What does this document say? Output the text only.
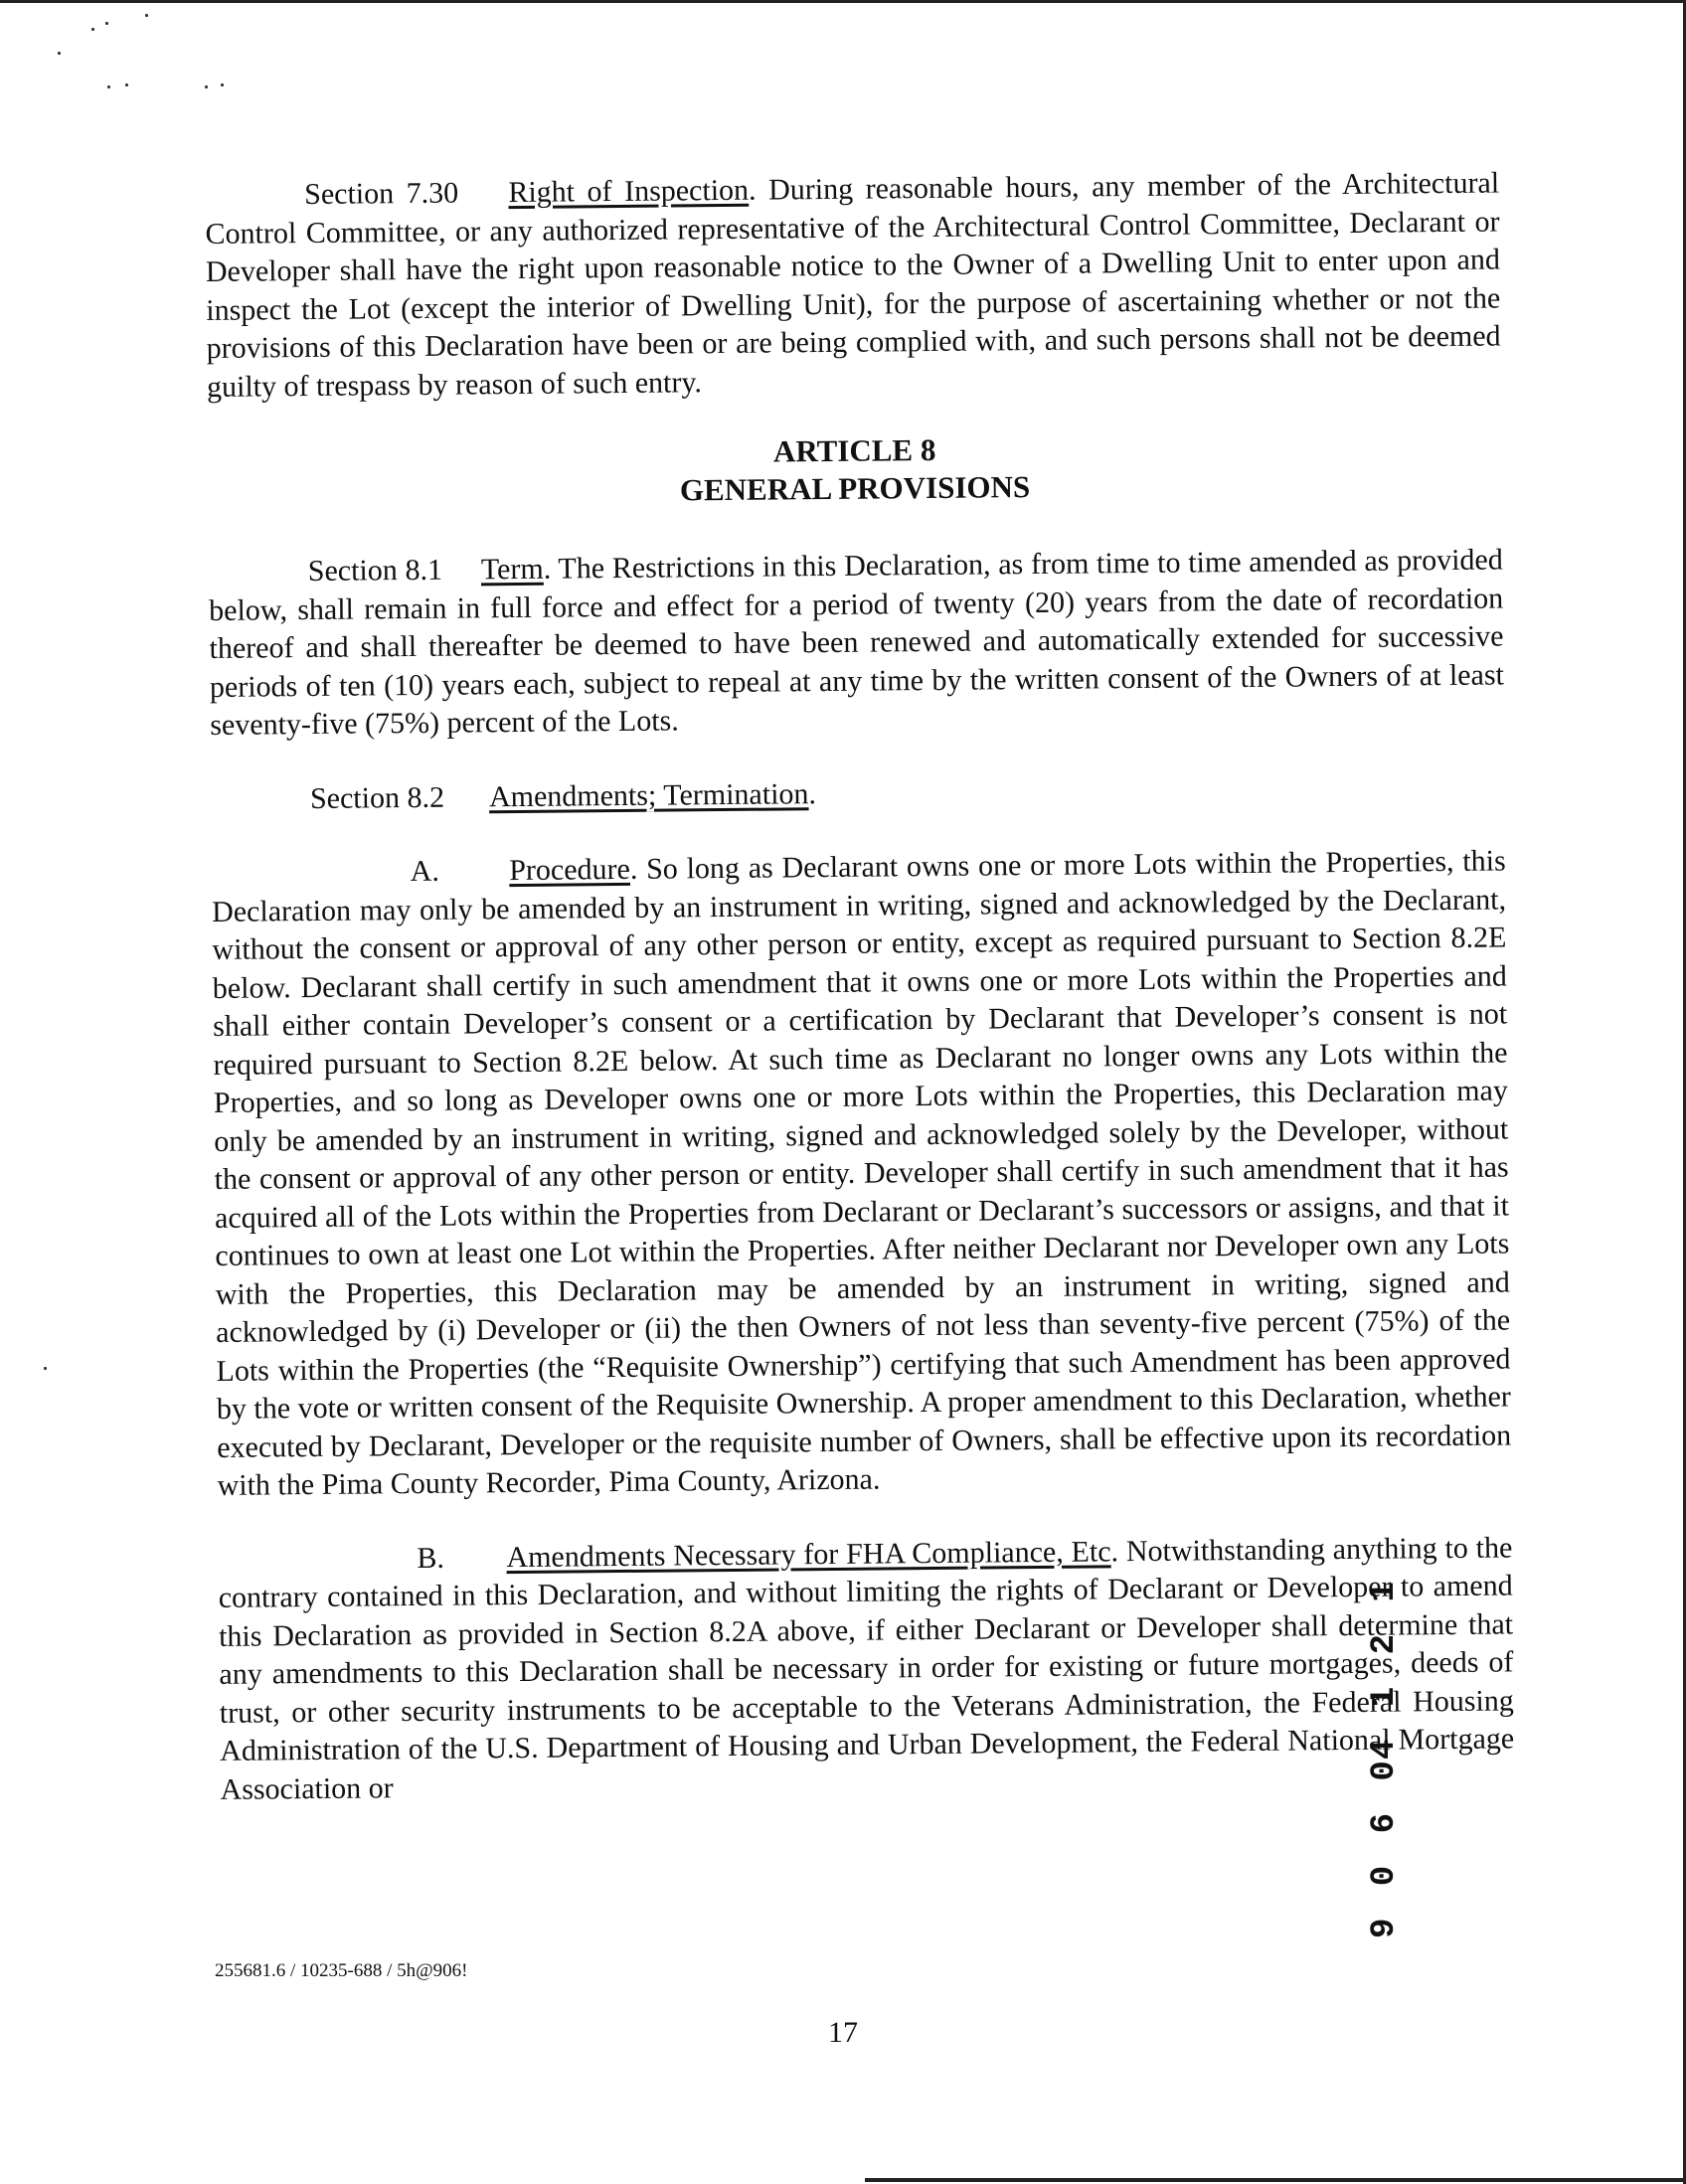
Section 7.30 Right of Inspection. During reasonable hours, any member of the Architectural Control Committee, or any authorized representative of the Architectural Control Committee, Declarant or Developer shall have the right upon reasonable notice to the Owner of a Dwelling Unit to enter upon and inspect the Lot (except the interior of Dwelling Unit), for the purpose of ascertaining whether or not the provisions of this Declaration have been or are being complied with, and such persons shall not be deemed guilty of trespass by reason of such entry.

ARTICLE 8

GENERAL PROVISIONS

Section 8.1 Term. The Restrictions in this Declaration, as from time to time amended as provided below, shall remain in full force and effect for a period of twenty (20) years from the date of recordation thereof and shall thereafter be deemed to have been renewed and automatically extended for successive periods of ten (10) years each, subject to repeal at any time by the written consent of the Owners of at least seventy-five (75%) percent of the Lots.

Section 8.2 Amendments; Termination.

A. Procedure. So long as Declarant owns one or more Lots within the Properties, this Declaration may only be amended by an instrument in writing, signed and acknowledged by the Declarant, without the consent or approval of any other person or entity, except as required pursuant to Section 8.2E below. Declarant shall certify in such amendment that it owns one or more Lots within the Properties and shall either contain Developer’s consent or a certification by Declarant that Developer’s consent is not required pursuant to Section 8.2E below. At such time as Declarant no longer owns any Lots within the Properties, and so long as Developer owns one or more Lots within the Properties, this Declaration may only be amended by an instrument in writing, signed and acknowledged solely by the Developer, without the consent or approval of any other person or entity. Developer shall certify in such amendment that it has acquired all of the Lots within the Properties from Declarant or Declarant’s successors or assigns, and that it continues to own at least one Lot within the Properties. After neither Declarant nor Developer own any Lots with the Properties, this Declaration may be amended by an instrument in writing, signed and acknowledged by (i) Developer or (ii) the then Owners of not less than seventy-five percent (75%) of the Lots within the Properties (the “Requisite Ownership”) certifying that such Amendment has been approved by the vote or written consent of the Requisite Ownership. A proper amendment to this Declaration, whether executed by Declarant, Developer or the requisite number of Owners, shall be effective upon its recordation with the Pima County Recorder, Pima County, Arizona.

B. Amendments Necessary for FHA Compliance, Etc. Notwithstanding anything to the contrary contained in this Declaration, and without limiting the rights of Declarant or Developer to amend this Declaration as provided in Section 8.2A above, if either Declarant or Developer shall determine that any amendments to this Declaration shall be necessary in order for existing or future mortgages, deeds of trust, or other security instruments to be acceptable to the Veterans Administration, the Federal Housing Administration of the U.S. Department of Housing and Urban Development, the Federal National Mortgage Association or

255681.6 / 10235-688 / 5h@906!
17
4 1 2 1
9 0 6 0
